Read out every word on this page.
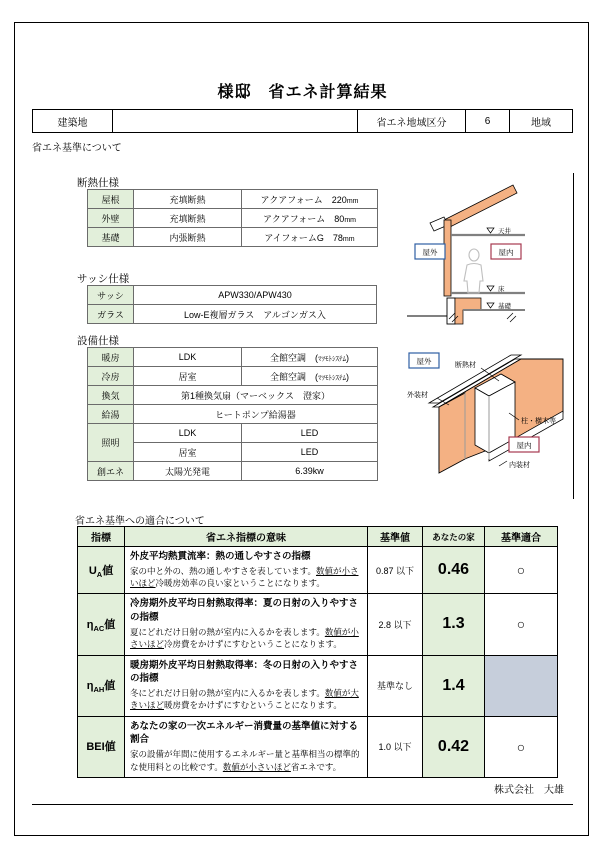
様邸　省エネ計算結果
建築地	省エネ地域区分	6	地域
省エネ基準について
省エネ基準への適合について
断熱仕様
屋根	充填断熱	アクアフォーム　220mm
外壁	充填断熱	アクアフォーム　80mm
基礎	内張断熱	アイフォームG　78mm
サッシ仕様
サッシ	APW330/APW430
ガラス	Low-E複層ガラス　アルゴンガス入
設備仕様
暖房	LDK	全館空調　(ﾏﾂﾓﾄｼｽﾃﾑ)
冷房	居室	全館空調　(ﾏﾂﾓﾄｼｽﾃﾑ)
換気	第1種換気扇（マーベックス　澄家）	
給湯	ヒートポンプ給湯器	
照明	LDK	LED
	居室	LED
創エネ	太陽光発電	6.39kw
指標	省エネ指標の意味	基準値	あなたの家	基準適合
$U_A$値	外皮平均熱貫流率：熱の通しやすさの指標
家の中と外の、熱の通しやすさを表しています。数値が小さいほど冷暖房効率の良い家ということになります。	0.87 以下	0.46	○
$\eta_{AC}$値	冷房期外皮平均日射熱取得率：夏の日射の入りやすさの指標
夏にどれだけ日射の熱が室内に入るかを表します。数値が小さいほど冷房費をかけずにすむということになります。	2.8 以下	1.3	○
$\eta_{AH}$値	暖房期外皮平均日射熱取得率：冬の日射の入りやすさの指標
冬にどれだけ日射の熱が室内に入るかを表します。数値が大きいほど暖房費をかけずにすむということになります。	基準なし	1.4	
BEI値	あなたの家の一次エネルギー消費量の基準値に対する割合
家の設備が年間に使用するエネルギー量と基準相当の標準的な使用料との比較です。数値が小さいほど省エネです。	1.0 以下	0.42	○
株式会社　大雄
天井
床
基礎
屋外	屋内
断熱材
外装材
柱・横木等
内装材
屋外
屋内
